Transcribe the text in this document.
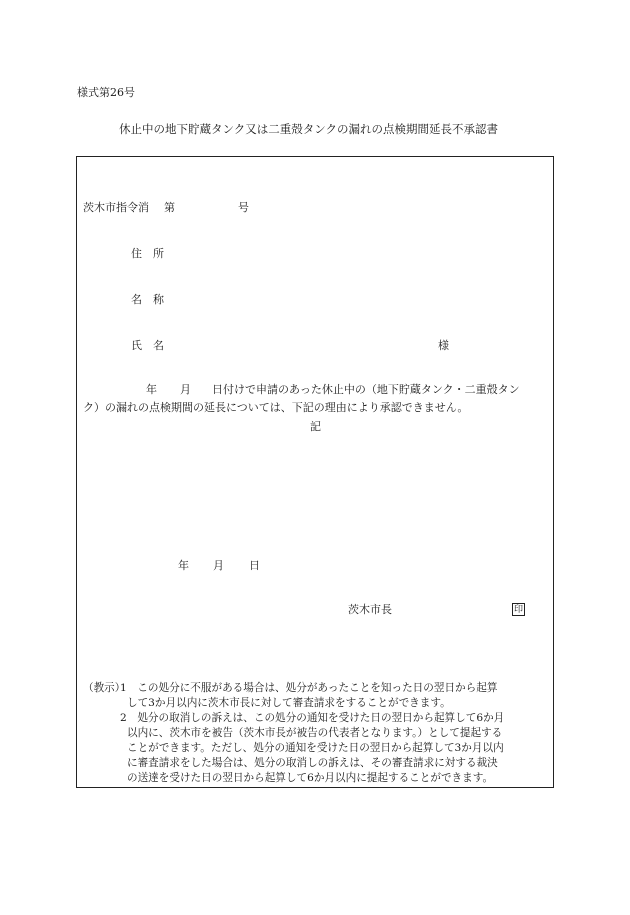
様式第26号
休止中の地下貯蔵タンク又は二重殻タンクの漏れの点検期間延長不承認書
茨木市指令消 第	号
住　所
名　称
氏　名	様
年 月 日付けで申請のあった休止中の（地下貯蔵タンク・二重殻タン
ク）の漏れの点検期間の延長については、下記の理由により承認できません。
記
年 月 日
茨木市長	印
（教示）
1　この処分に不服がある場合は、処分があったことを知った日の翌日から起算
して3か月以内に茨木市長に対して審査請求をすることができます。
2　処分の取消しの訴えは、この処分の通知を受けた日の翌日から起算して6か月
以内に、茨木市を被告（茨木市長が被告の代表者となります。）として提起する
ことができます。ただし、処分の通知を受けた日の翌日から起算して3か月以内
に審査請求をした場合は、処分の取消しの訴えは、その審査請求に対する裁決
の送達を受けた日の翌日から起算して6か月以内に提起することができます。
